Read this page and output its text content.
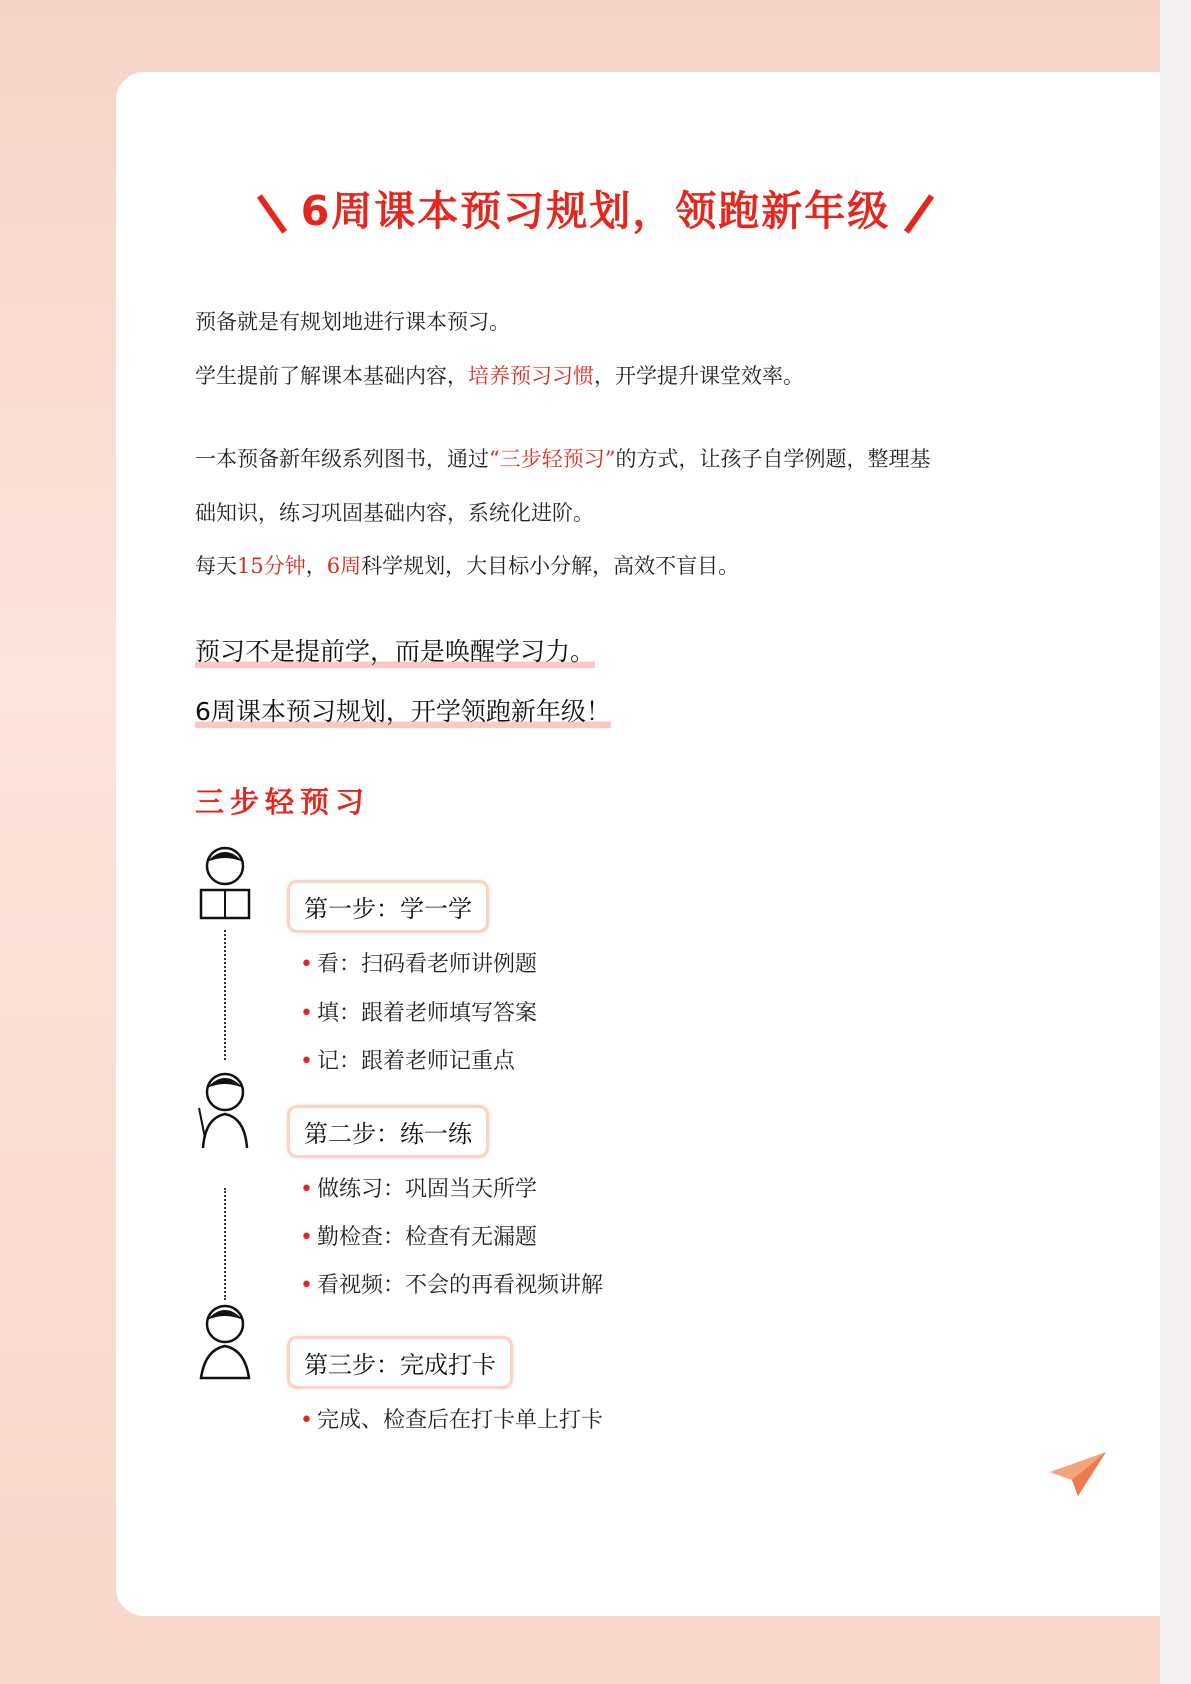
6周课本预习规划，领跑新年级
预备就是有规划地进行课本预习。
学生提前了解课本基础内容，培养预习习惯，开学提升课堂效率。
一本预备新年级系列图书，通过“三步轻预习”的方式，让孩子自学例题，整理基
础知识，练习巩固基础内容，系统化进阶。
每天15分钟，6周科学规划，大目标小分解，高效不盲目。
预习不是提前学，而是唤醒学习力。
6周课本预习规划，开学领跑新年级！
三步轻预习
第一步：学一学
• 看：扫码看老师讲例题
• 填：跟着老师填写答案
• 记：跟着老师记重点
第二步：练一练
• 做练习：巩固当天所学
• 勤检查：检查有无漏题
• 看视频：不会的再看视频讲解
第三步：完成打卡
• 完成、检查后在打卡单上打卡
